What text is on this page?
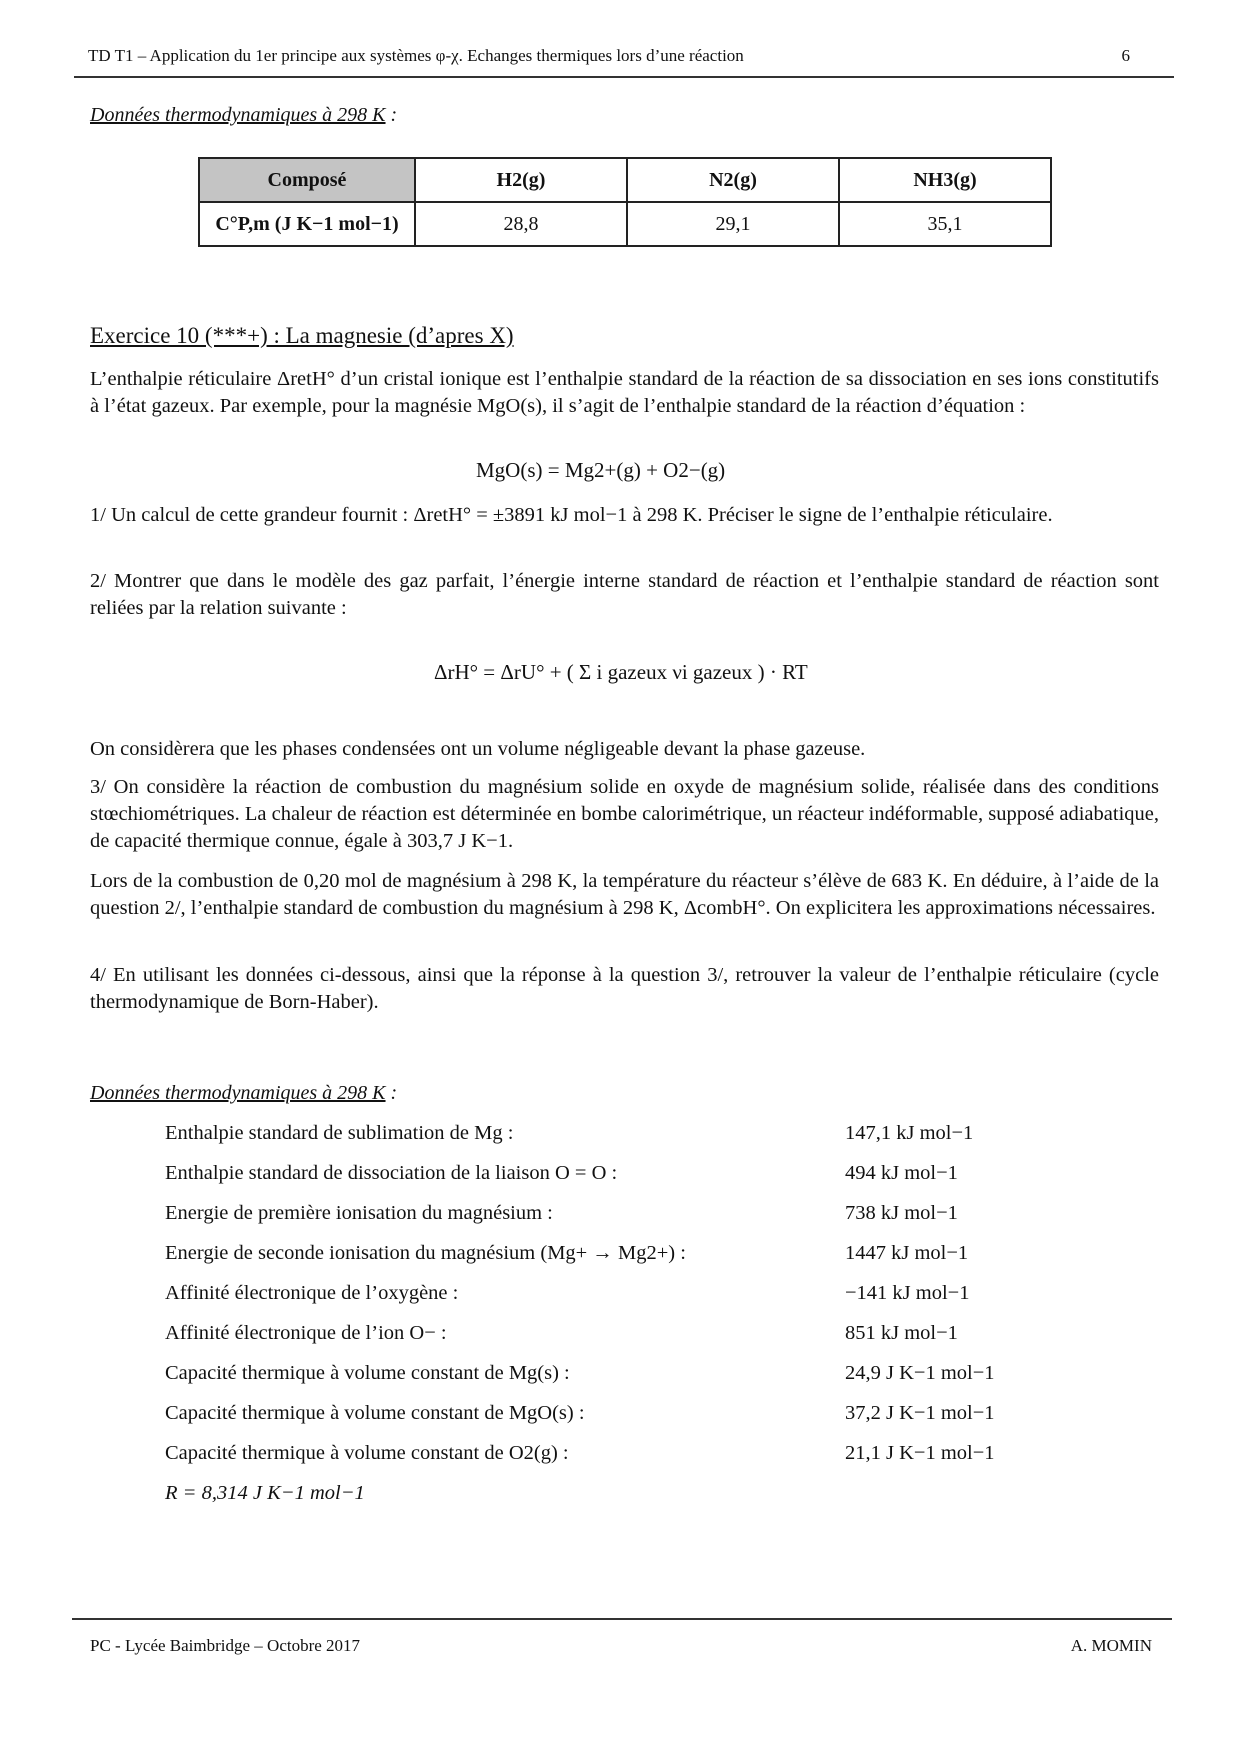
TD T1 – Application du 1er principe aux systèmes φ-χ. Echanges thermiques lors d’une réaction	6
Données thermodynamiques à 298 K :
Composé	H2(g)	N2(g)	NH3(g)
C°P,m (J K−1 mol−1)	28,8	29,1	35,1
Exercice 10 (***+) : La magnesie (d’apres X)
L’enthalpie réticulaire ΔretH° d’un cristal ionique est l’enthalpie standard de la réaction de sa dissociation en ses ions constitutifs à l’état gazeux. Par exemple, pour la magnésie MgO(s), il s’agit de l’enthalpie standard de la réaction d’équation :
MgO(s) = Mg2+(g) + O2−(g)
1/ Un calcul de cette grandeur fournit : ΔretH° = ±3891 kJ mol−1 à 298 K. Préciser le signe de l’enthalpie réticulaire.
2/ Montrer que dans le modèle des gaz parfait, l’énergie interne standard de réaction et l’enthalpie standard de réaction sont reliées par la relation suivante :
ΔrH° = ΔrU° + ( Σ i gazeux νi gazeux ) · RT
On considèrera que les phases condensées ont un volume négligeable devant la phase gazeuse.
3/ On considère la réaction de combustion du magnésium solide en oxyde de magnésium solide, réalisée dans des conditions stœchiométriques. La chaleur de réaction est déterminée en bombe calorimétrique, un réacteur indéformable, supposé adiabatique, de capacité thermique connue, égale à 303,7 J K−1.
Lors de la combustion de 0,20 mol de magnésium à 298 K, la température du réacteur s’élève de 683 K. En déduire, à l’aide de la question 2/, l’enthalpie standard de combustion du magnésium à 298 K, ΔcombH°. On explicitera les approximations nécessaires.
4/ En utilisant les données ci-dessous, ainsi que la réponse à la question 3/, retrouver la valeur de l’enthalpie réticulaire (cycle thermodynamique de Born-Haber).
Données thermodynamiques à 298 K :
Enthalpie standard de sublimation de Mg :	147,1 kJ mol−1
Enthalpie standard de dissociation de la liaison O = O :	494 kJ mol−1
Energie de première ionisation du magnésium :	738 kJ mol−1
Energie de seconde ionisation du magnésium (Mg+ → Mg2+) :	1447 kJ mol−1
Affinité électronique de l’oxygène :	−141 kJ mol−1
Affinité électronique de l’ion O− :	851 kJ mol−1
Capacité thermique à volume constant de Mg(s) :	24,9 J K−1 mol−1
Capacité thermique à volume constant de MgO(s) :	37,2 J K−1 mol−1
Capacité thermique à volume constant de O2(g) :	21,1 J K−1 mol−1
R = 8,314 J K−1 mol−1
PC - Lycée Baimbridge – Octobre 2017	A. MOMIN
